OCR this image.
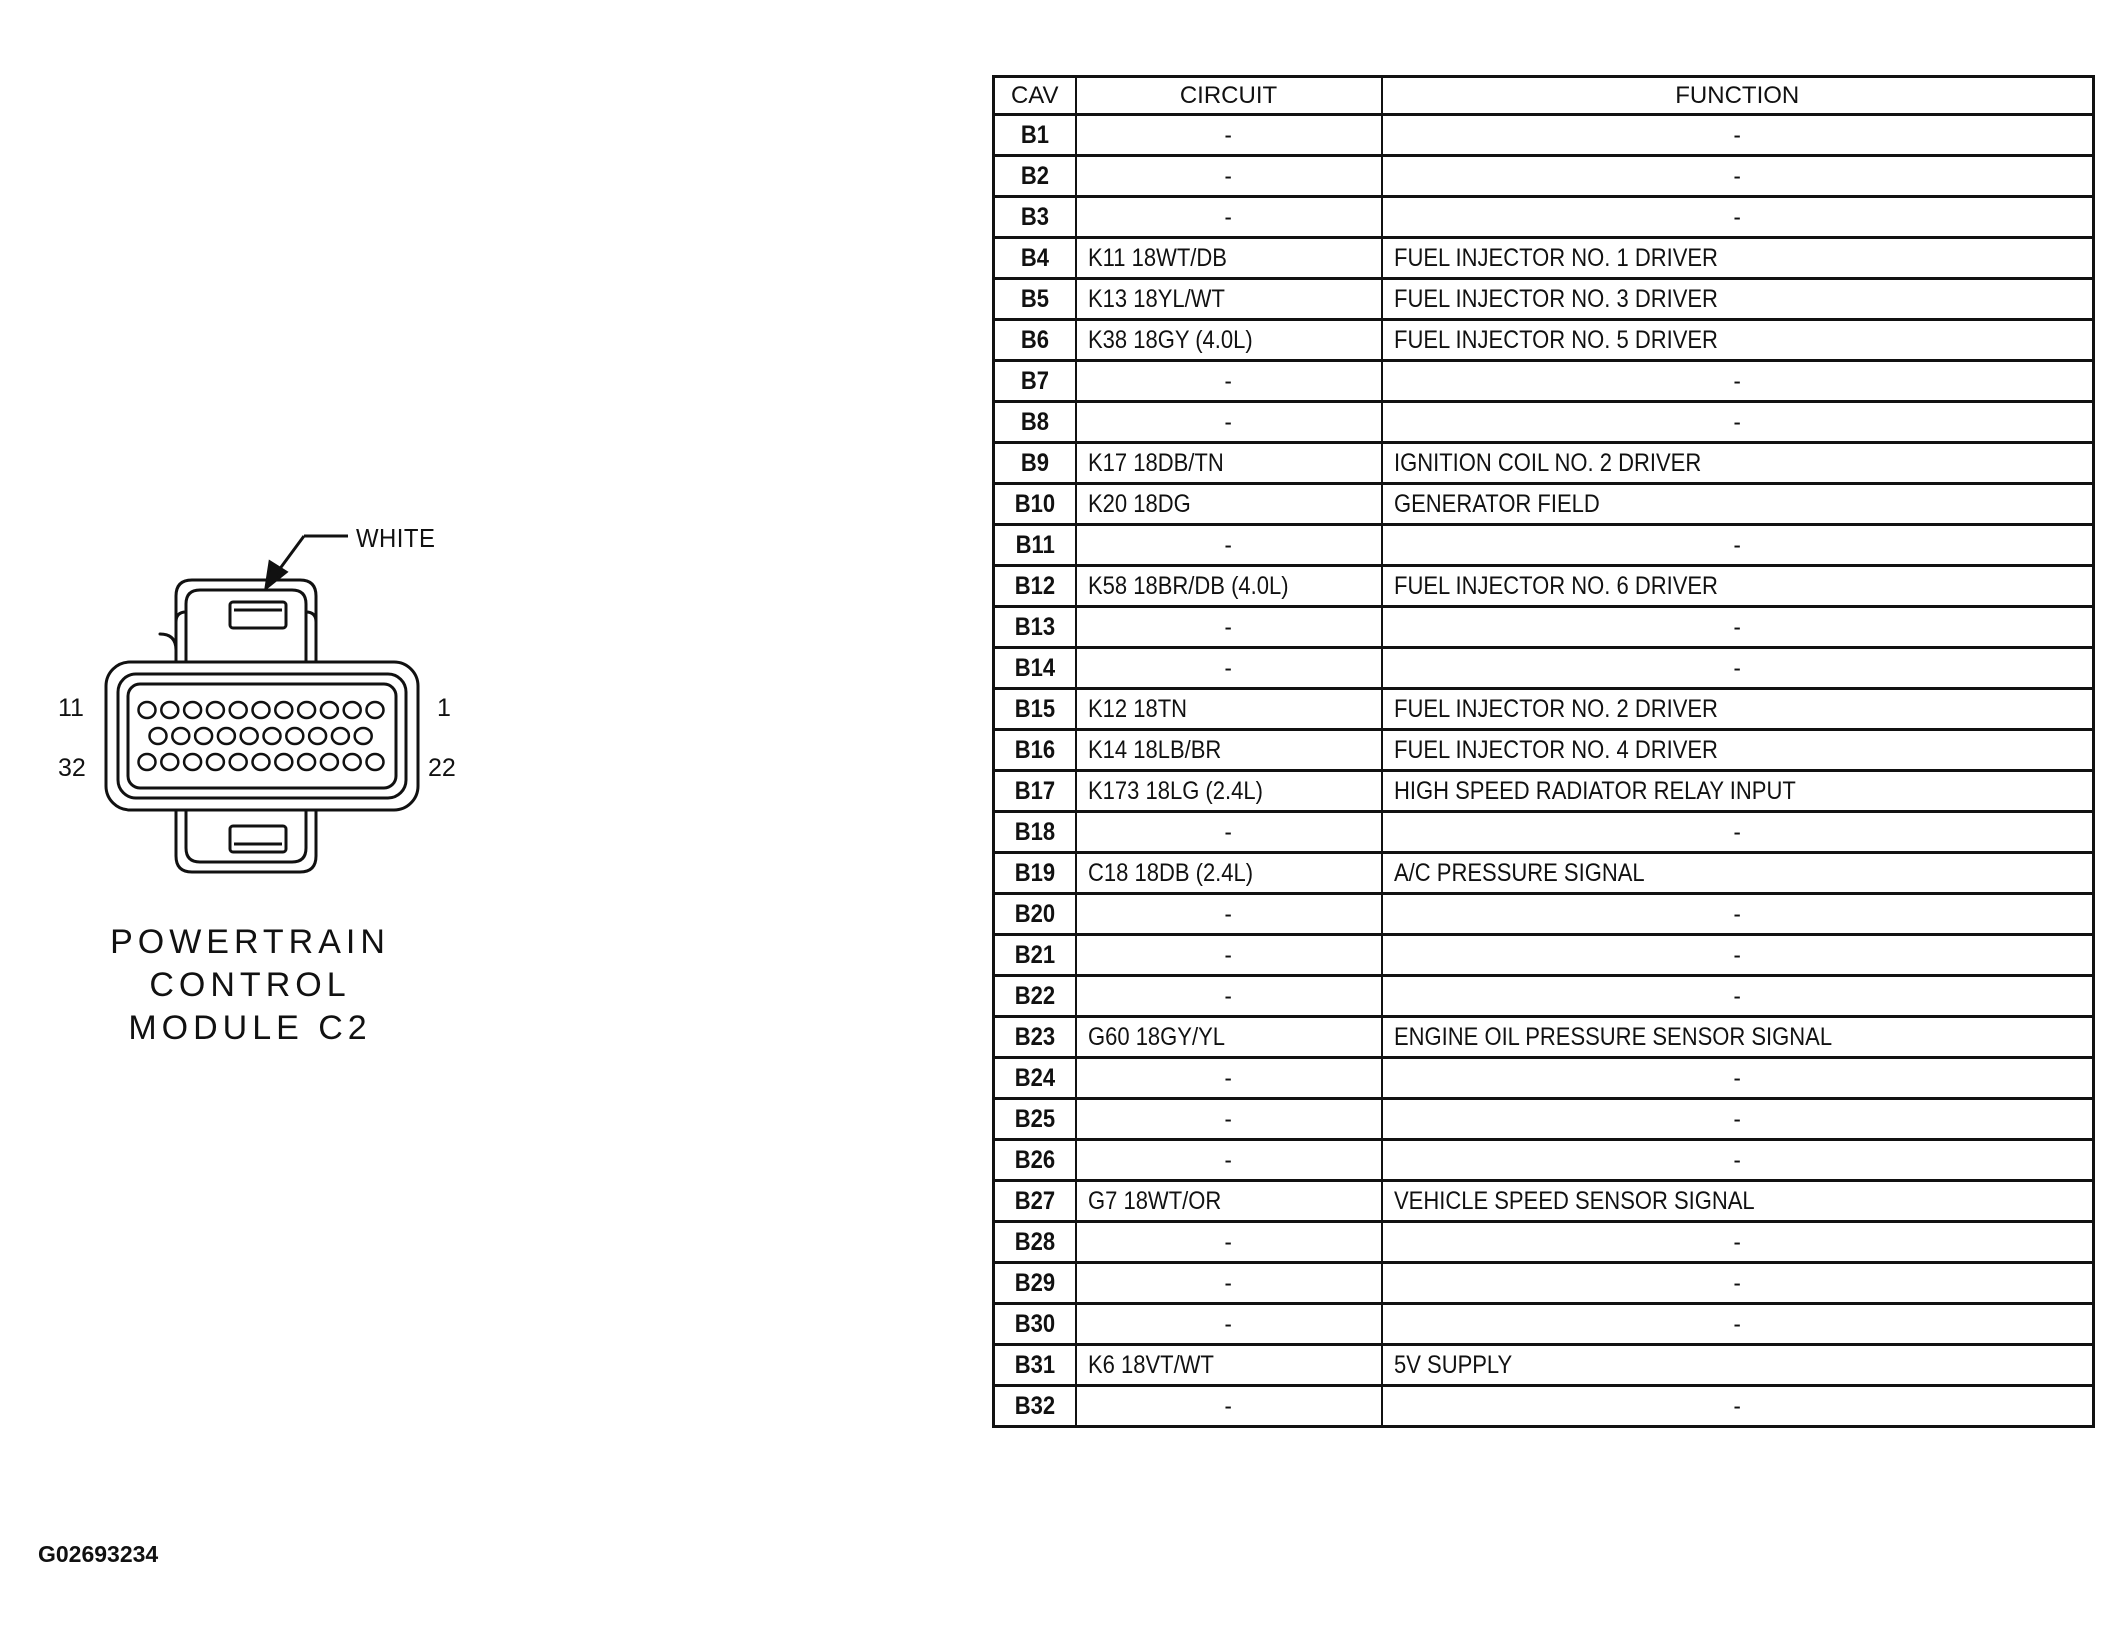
11	1
32	22
WHITE
POWERTRAIN
CONTROL
MODULE C2
G02693234
CAV	CIRCUIT	FUNCTION
B1	-	-
B2	-	-
B3	-	-
B4	K11 18WT/DB	FUEL INJECTOR NO. 1 DRIVER
B5	K13 18YL/WT	FUEL INJECTOR NO. 3 DRIVER
B6	K38 18GY (4.0L)	FUEL INJECTOR NO. 5 DRIVER
B7	-	-
B8	-	-
B9	K17 18DB/TN	IGNITION COIL NO. 2 DRIVER
B10	K20 18DG	GENERATOR FIELD
B11	-	-
B12	K58 18BR/DB (4.0L)	FUEL INJECTOR NO. 6 DRIVER
B13	-	-
B14	-	-
B15	K12 18TN	FUEL INJECTOR NO. 2 DRIVER
B16	K14 18LB/BR	FUEL INJECTOR NO. 4 DRIVER
B17	K173 18LG (2.4L)	HIGH SPEED RADIATOR RELAY INPUT
B18	-	-
B19	C18 18DB (2.4L)	A/C PRESSURE SIGNAL
B20	-	-
B21	-	-
B22	-	-
B23	G60 18GY/YL	ENGINE OIL PRESSURE SENSOR SIGNAL
B24	-	-
B25	-	-
B26	-	-
B27	G7 18WT/OR	VEHICLE SPEED SENSOR SIGNAL
B28	-	-
B29	-	-
B30	-	-
B31	K6 18VT/WT	5V SUPPLY
B32	-	-
